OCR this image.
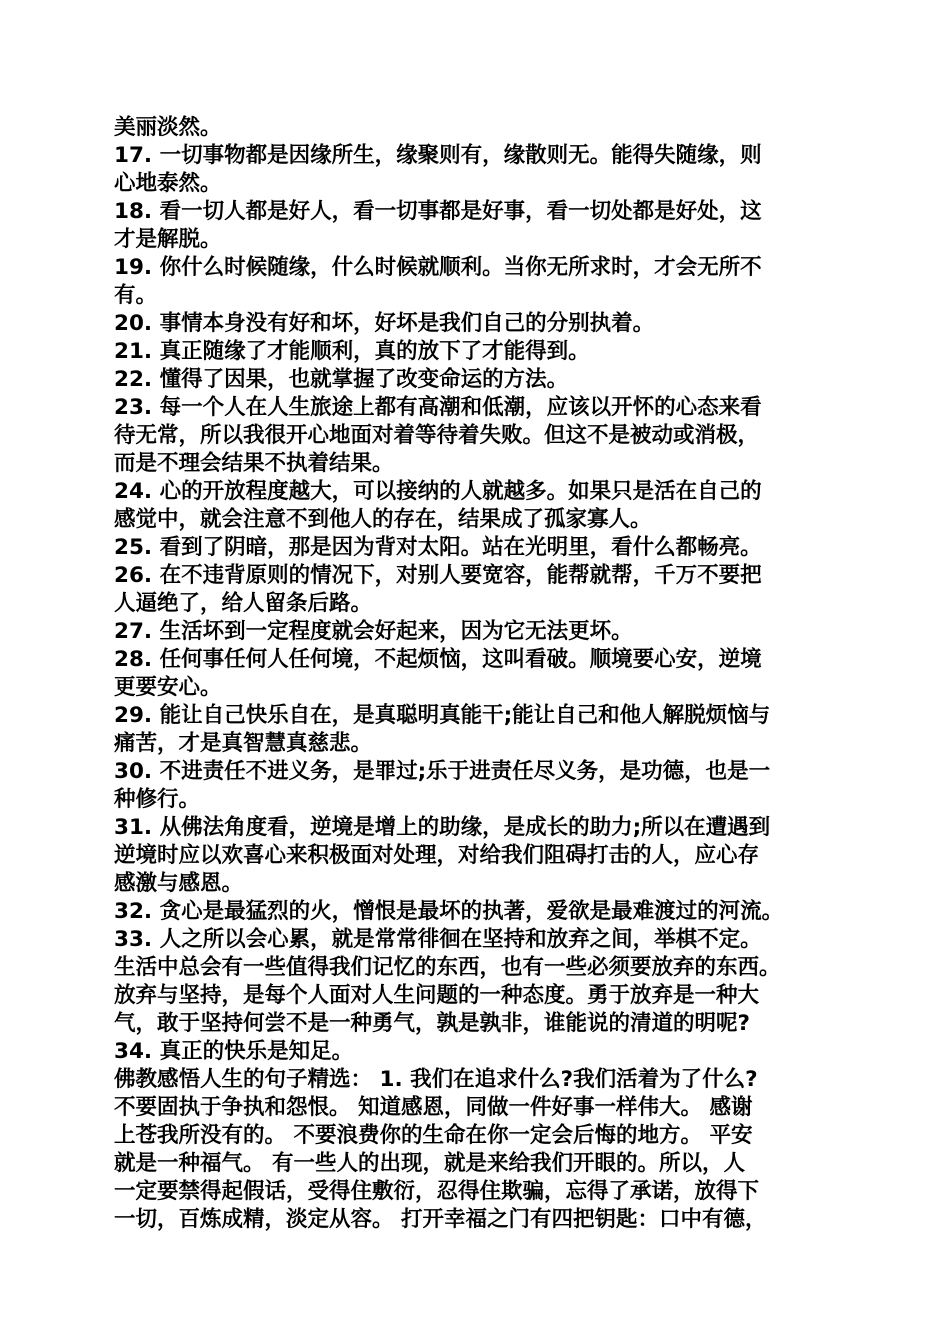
美丽淡然。
17. 一切事物都是因缘所生，缘聚则有，缘散则无。能得失随缘，则
心地泰然。
18. 看一切人都是好人，看一切事都是好事，看一切处都是好处，这
才是解脱。
19. 你什么时候随缘，什么时候就顺利。当你无所求时，才会无所不
有。
20. 事情本身没有好和坏，好坏是我们自己的分别执着。
21. 真正随缘了才能顺利，真的放下了才能得到。
22. 懂得了因果，也就掌握了改变命运的方法。
23. 每一个人在人生旅途上都有高潮和低潮，应该以开怀的心态来看
待无常，所以我很开心地面对着等待着失败。但这不是被动或消极，
而是不理会结果不执着结果。
24. 心的开放程度越大，可以接纳的人就越多。如果只是活在自己的
感觉中，就会注意不到他人的存在，结果成了孤家寡人。
25. 看到了阴暗，那是因为背对太阳。站在光明里，看什么都畅亮。
26. 在不违背原则的情况下，对别人要宽容，能帮就帮，千万不要把
人逼绝了，给人留条后路。
27. 生活坏到一定程度就会好起来，因为它无法更坏。
28. 任何事任何人任何境，不起烦恼，这叫看破。顺境要心安，逆境
更要安心。
29. 能让自己快乐自在，是真聪明真能干;能让自己和他人解脱烦恼与
痛苦，才是真智慧真慈悲。
30. 不进责任不进义务，是罪过;乐于进责任尽义务，是功德，也是一
种修行。
31. 从佛法角度看，逆境是增上的助缘，是成长的助力;所以在遭遇到
逆境时应以欢喜心来积极面对处理，对给我们阻碍打击的人，应心存
感激与感恩。
32. 贪心是最猛烈的火，憎恨是最坏的执著，爱欲是最难渡过的河流。
33. 人之所以会心累，就是常常徘徊在坚持和放弃之间，举棋不定。
生活中总会有一些值得我们记忆的东西，也有一些必须要放弃的东西。
放弃与坚持，是每个人面对人生问题的一种态度。勇于放弃是一种大
气，敢于坚持何尝不是一种勇气，孰是孰非，谁能说的清道的明呢?
34. 真正的快乐是知足。
佛教感悟人生的句子精选： 1. 我们在追求什么?我们活着为了什么?
不要固执于争执和怨恨。 知道感恩，同做一件好事一样伟大。 感谢
上苍我所没有的。 不要浪费你的生命在你一定会后悔的地方。 平安
就是一种福气。 有一些人的出现，就是来给我们开眼的。所以，人
一定要禁得起假话，受得住敷衍，忍得住欺骗，忘得了承诺，放得下
一切，百炼成精，淡定从容。 打开幸福之门有四把钥匙：口中有德，
